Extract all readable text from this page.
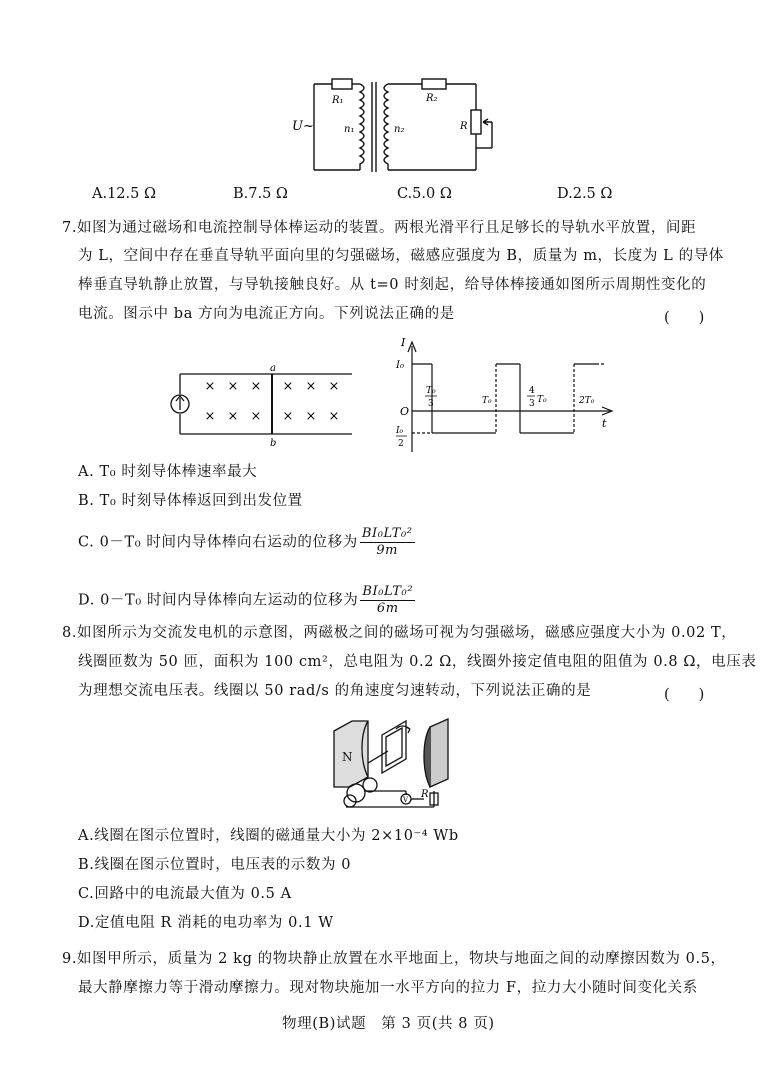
U~
R₁
n₁	n₂
R₂
R
A.12.5 Ω	B.7.5 Ω	C.5.0 Ω	D.2.5 Ω
7.如图为通过磁场和电流控制导体棒运动的装置。两根光滑平行且足够长的导轨水平放置，间距
为 L，空间中存在垂直导轨平面向里的匀强磁场，磁感应强度为 B，质量为 m，长度为 L 的导体
棒垂直导轨静止放置，与导轨接触良好。从 t=0 时刻起，给导体棒接通如图所示周期性变化的
电流。图示中 ba 方向为电流正方向。下列说法正确的是	(　　)
× × × × × ×
× × × × × ×
a
b
I
I₀
O
t
I₀
2
T₀
3	T₀
4
3 T₀	2T₀
A. T₀ 时刻导体棒速率最大
B. T₀ 时刻导体棒返回到出发位置
C. 0－T₀ 时间内导体棒向右运动的位移为 $\frac{\text{BI₀LT₀²}}{9m}$
D. 0－T₀ 时间内导体棒向左运动的位移为 $\frac{\text{BI₀LT₀²}}{6m}$
8.如图所示为交流发电机的示意图，两磁极之间的磁场可视为匀强磁场，磁感应强度大小为 0.02 T，
线圈匝数为 50 匝，面积为 100 cm²，总电阻为 0.2 Ω，线圈外接定值电阻的阻值为 0.8 Ω，电压表
为理想交流电压表。线圈以 50 rad/s 的角速度匀速转动，下列说法正确的是	(　　)
N
V R
A.线圈在图示位置时，线圈的磁通量大小为 2×10⁻⁴ Wb
B.线圈在图示位置时，电压表的示数为 0
C.回路中的电流最大值为 0.5 A
D.定值电阻 R 消耗的电功率为 0.1 W
9.如图甲所示，质量为 2 kg 的物块静止放置在水平地面上，物块与地面之间的动摩擦因数为 0.5，
最大静摩擦力等于滑动摩擦力。现对物块施加一水平方向的拉力 F，拉力大小随时间变化关系
物理(B)试题　第 3 页(共 8 页)
